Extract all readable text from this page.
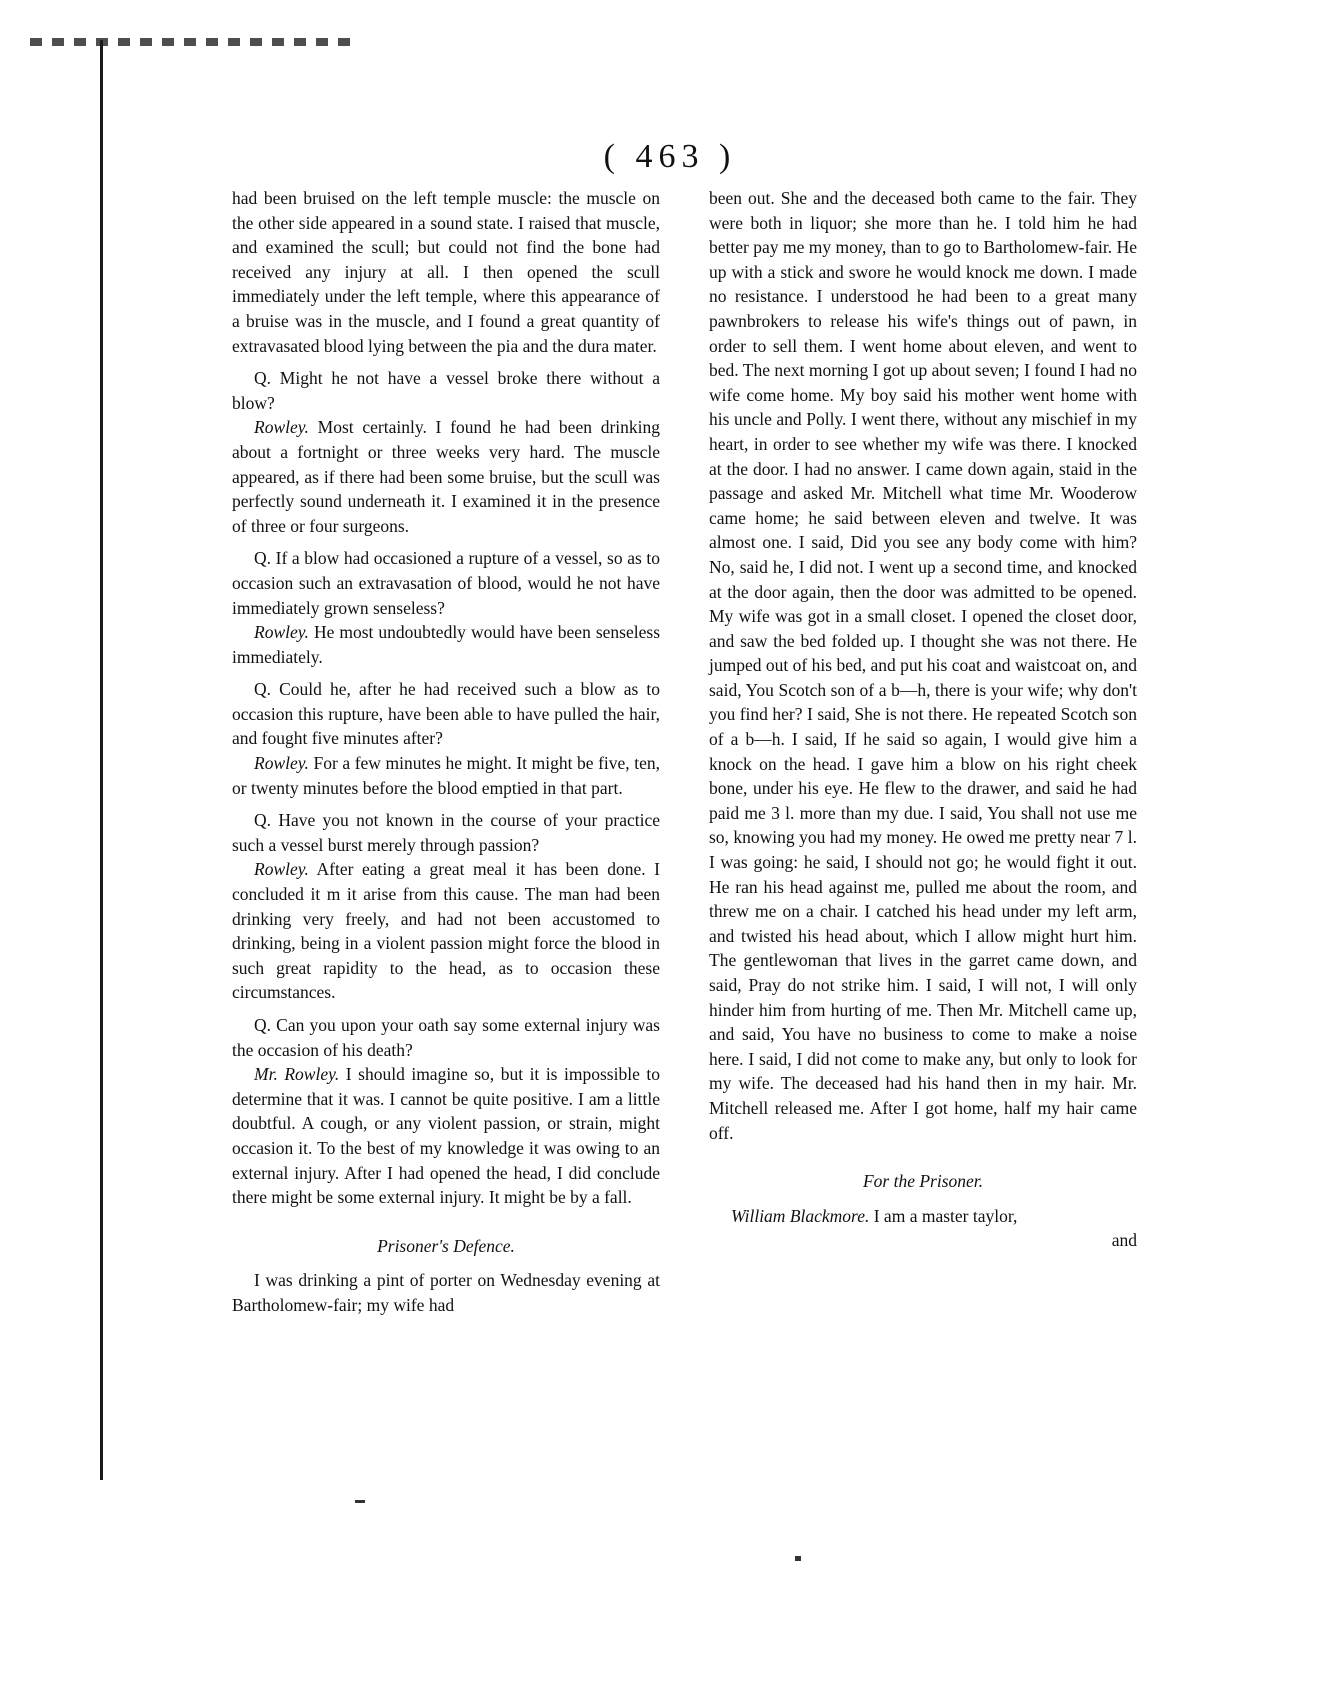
( 463 )

had been bruised on the left temple muscle: the muscle on the other side appeared in a sound state. I raised that muscle, and examined the scull; but could not find the bone had received any injury at all. I then opened the scull immediately under the left temple, where this appearance of a bruise was in the muscle, and I found a great quantity of extravasated blood lying between the pia and the dura mater.

Q. Might he not have a vessel broke there without a blow?

Rowley. Most certainly. I found he had been drinking about a fortnight or three weeks very hard. The muscle appeared, as if there had been some bruise, but the scull was perfectly sound underneath it. I examined it in the presence of three or four surgeons.

Q. If a blow had occasioned a rupture of a vessel, so as to occasion such an extravasation of blood, would he not have immediately grown senseless?

Rowley. He most undoubtedly would have been senseless immediately.

Q. Could he, after he had received such a blow as to occasion this rupture, have been able to have pulled the hair, and fought five minutes after?

Rowley. For a few minutes he might. It might be five, ten, or twenty minutes before the blood emptied in that part.

Q. Have you not known in the course of your practice such a vessel burst merely through passion?

Rowley. After eating a great meal it has been done. I concluded it m it arise from this cause. The man had been drinking very freely, and had not been accustomed to drinking, being in a violent passion might force the blood in such great rapidity to the head, as to occasion these circumstances.

Q. Can you upon your oath say some external injury was the occasion of his death?

Mr. Rowley. I should imagine so, but it is impossible to determine that it was. I cannot be quite positive. I am a little doubtful. A cough, or any violent passion, or strain, might occasion it. To the best of my knowledge it was owing to an external injury. After I had opened the head, I did conclude there might be some external injury. It might be by a fall.

Prisoner's Defence.

I was drinking a pint of porter on Wednesday evening at Bartholomew-fair; my wife had

been out. She and the deceased both came to the fair. They were both in liquor; she more than he. I told him he had better pay me my money, than to go to Bartholomew-fair. He up with a stick and swore he would knock me down. I made no resistance. I understood he had been to a great many pawnbrokers to release his wife's things out of pawn, in order to sell them. I went home about eleven, and went to bed. The next morning I got up about seven; I found I had no wife come home. My boy said his mother went home with his uncle and Polly. I went there, without any mischief in my heart, in order to see whether my wife was there. I knocked at the door. I had no answer. I came down again, staid in the passage and asked Mr. Mitchell what time Mr. Wooderow came home; he said between eleven and twelve. It was almost one. I said, Did you see any body come with him? No, said he, I did not. I went up a second time, and knocked at the door again, then the door was admitted to be opened. My wife was got in a small closet. I opened the closet door, and saw the bed folded up. I thought she was not there. He jumped out of his bed, and put his coat and waistcoat on, and said, You Scotch son of a b—h, there is your wife; why don't you find her? I said, She is not there. He repeated Scotch son of a b—h. I said, If he said so again, I would give him a knock on the head. I gave him a blow on his right cheek bone, under his eye. He flew to the drawer, and said he had paid me 3 l. more than my due. I said, You shall not use me so, knowing you had my money. He owed me pretty near 7 l. I was going: he said, I should not go; he would fight it out. He ran his head against me, pulled me about the room, and threw me on a chair. I catched his head under my left arm, and twisted his head about, which I allow might hurt him. The gentlewoman that lives in the garret came down, and said, Pray do not strike him. I said, I will not, I will only hinder him from hurting of me. Then Mr. Mitchell came up, and said, You have no business to come to make a noise here. I said, I did not come to make any, but only to look for my wife. The deceased had his hand then in my hair. Mr. Mitchell released me. After I got home, half my hair came off.

For the Prisoner.

William Blackmore. I am a master taylor,

and
